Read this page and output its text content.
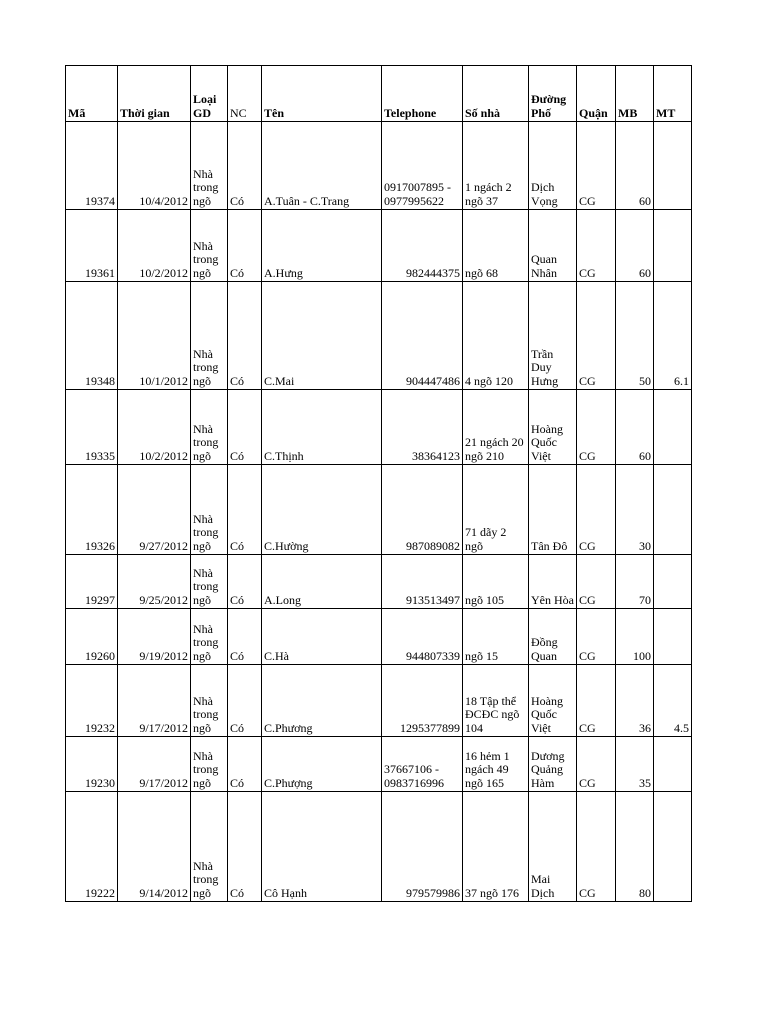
Mã	Thời gian	Loại GD	NC	Tên	Telephone	Số nhà	Đường Phố	Quận	MB	MT
19374	10/4/2012	Nhà trong ngõ	Có	A.Tuân - C.Trang	0917007895 - 0977995622	1 ngách 2 ngõ 37	Dịch Vọng	CG	60	
19361	10/2/2012	Nhà trong ngõ	Có	A.Hưng	982444375	ngõ 68	Quan Nhân	CG	60	
19348	10/1/2012	Nhà trong ngõ	Có	C.Mai	904447486	4 ngõ 120	Trần Duy Hưng	CG	50	6.1
19335	10/2/2012	Nhà trong ngõ	Có	C.Thịnh	38364123	21 ngách 20 ngõ 210	Hoàng Quốc Việt	CG	60	
19326	9/27/2012	Nhà trong ngõ	Có	C.Hường	987089082	71 dãy 2 ngõ	Tân Đô	CG	30	
19297	9/25/2012	Nhà trong ngõ	Có	A.Long	913513497	ngõ 105	Yên Hòa	CG	70	
19260	9/19/2012	Nhà trong ngõ	Có	C.Hà	944807339	ngõ 15	Đồng Quan	CG	100	
19232	9/17/2012	Nhà trong ngõ	Có	C.Phương	1295377899	18 Tập thể ĐCĐC ngõ 104	Hoàng Quốc Việt	CG	36	4.5
19230	9/17/2012	Nhà trong ngõ	Có	C.Phượng	37667106 - 0983716996	16 hẻm 1 ngách 49 ngõ 165	Dương Quảng Hàm	CG	35	
19222	9/14/2012	Nhà trong ngõ	Có	Cô Hạnh	979579986	37 ngõ 176	Mai Dịch	CG	80	
